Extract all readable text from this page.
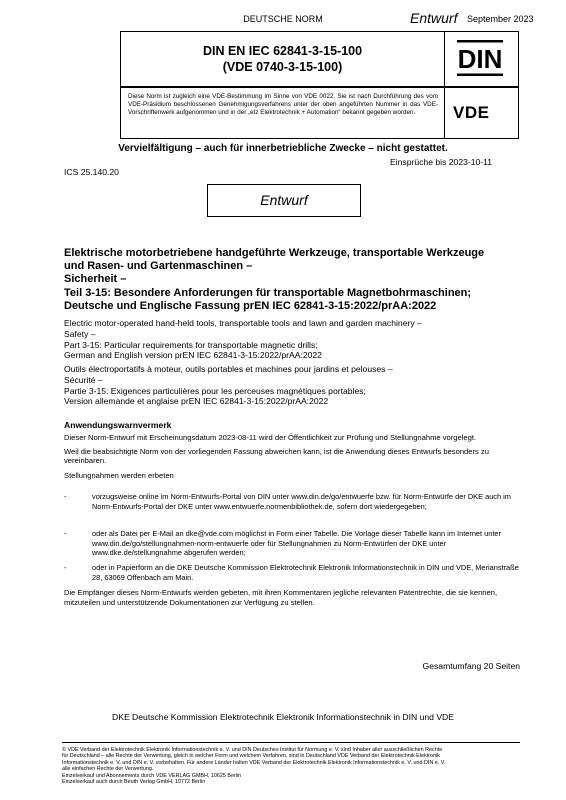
DEUTSCHE NORM	Entwurf September 2023
DIN EN IEC 62841-3-15-100
(VDE 0740-3-15-100)	DIN
Diese Norm ist zugleich eine VDE-Bestimmung im Sinne von VDE 0022. Sie ist nach Durchführung des vom VDE-Präsidium beschlossenen Genehmigungsverfahrens unter der oben angeführten Nummer in das VDE-Vorschriftenwerk aufgenommen und in der „etz Elektrotechnik + Automation“ bekannt gegeben worden.	VDE
Vervielfältigung – auch für innerbetriebliche Zwecke – nicht gestattet.
Einsprüche bis 2023-10-11
ICS 25.140.20
Entwurf
Elektrische motorbetriebene handgeführte Werkzeuge, transportable Werkzeuge
und Rasen- und Gartenmaschinen –
Sicherheit –
Teil 3-15: Besondere Anforderungen für transportable Magnetbohrmaschinen;
Deutsche und Englische Fassung prEN IEC 62841-3-15:2022/prAA:2022
Electric motor-operated hand-held tools, transportable tools and lawn and garden machinery –
Safety –
Part 3-15: Particular requirements for transportable magnetic drills;
German and English version prEN IEC 62841-3-15:2022/prAA:2022
Outils électroportatifs à moteur, outils portables et machines pour jardins et pelouses –
Sécurité –
Partie 3-15: Exigences particulières pour les perceuses magnétiques portables;
Version allemande et anglaise prEN IEC 62841-3-15:2022/prAA:2022
Anwendungswarnvermerk
Dieser Norm-Entwurf mit Erscheinungsdatum 2023-08-11 wird der Öffentlichkeit zur Prüfung und Stellungnahme vorgelegt.
Weil die beabsichtigte Norm von der vorliegenden Fassung abweichen kann, ist die Anwendung dieses Entwurfs besonders zu vereinbaren.
Stellungnahmen werden erbeten
-	vorzugsweise online im Norm-Entwurfs-Portal von DIN unter www.din.de/go/entwuerfe bzw. für Norm-Entwürfe der DKE auch im Norm-Entwurfs-Portal der DKE unter www.entwuerfe.normenbibliothek.de, sofern dort wiedergegeben;
-	oder als Datei per E-Mail an dke@vde.com möglichst in Form einer Tabelle. Die Vorlage dieser Tabelle kann im Internet unter www.din.de/go/stellungnahmen-norm-entwuerfe oder für Stellungnahmen zu Norm-Entwürfen der DKE unter www.dke.de/stellungnahme abgerufen werden;
-	oder in Papierform an die DKE Deutsche Kommission Elektrotechnik Elektronik Informationstechnik in DIN und VDE, Merianstraße 28, 63069 Offenbach am Main.
Die Empfänger dieses Norm-Entwurfs werden gebeten, mit ihren Kommentaren jegliche relevanten Patentrechte, die sie kennen, mitzuteilen und unterstützende Dokumentationen zur Verfügung zu stellen.
Gesamtumfang 20 Seiten
DKE Deutsche Kommission Elektrotechnik Elektronik Informationstechnik in DIN und VDE
© VDE Verband der Elektrotechnik Elektronik Informationstechnik e. V. und DIN Deutsches Institut für Normung e. V. sind Inhaber aller ausschließlichen Rechte
für Deutschland – alle Rechte der Verwertung, gleich in welcher Form und welchem Verfahren, sind in Deutschland VDE Verband der Elektrotechnik Elektronik
Informationstechnik e. V. und DIN e. V. vorbehalten. Für andere Länder halten VDE Verband der Elektrotechnik Elektronik Informationstechnik e. V. und DIN e. V.
alle einfachen Rechte der Verwertung.
Einzelverkauf und Abonnements durch VDE VERLAG GMBH, 10625 Berlin
Einzelverkauf auch durch Beuth Verlag GmbH, 10772 Berlin
